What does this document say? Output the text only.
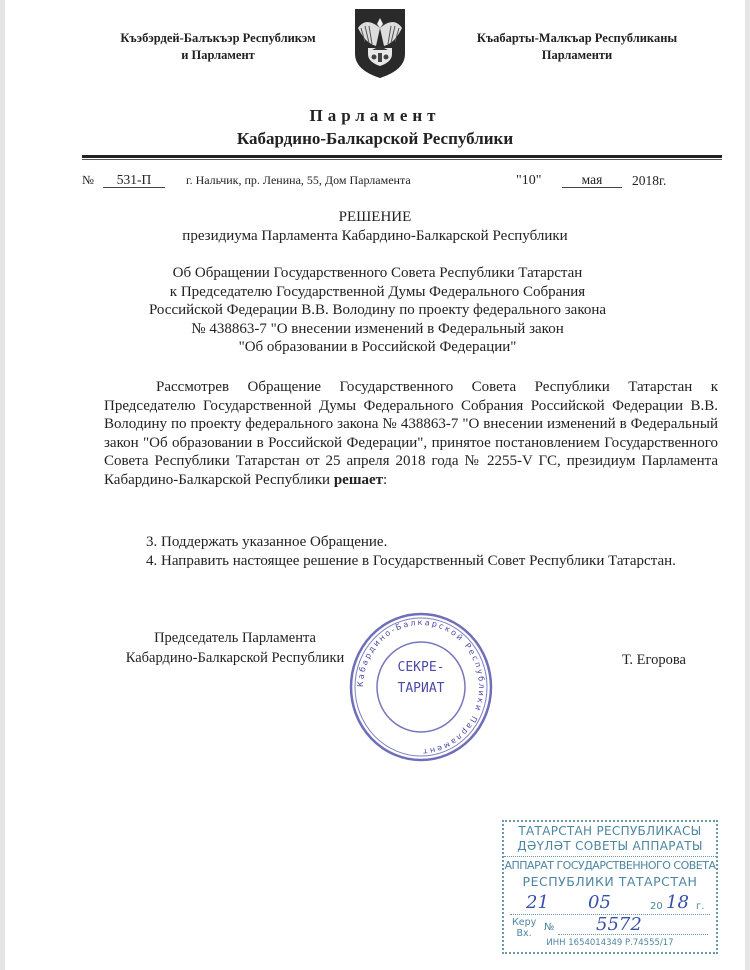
Къэбэрдей-Балъкъэр Республикэм
и Парламент
Къабарты-Малкъар Республиканы
Парламенти
Парламент
Кабардино-Балкарской Республики
№	531-П	г. Нальчик, пр. Ленина, 55, Дом Парламента	"10"	мая	2018г.
РЕШЕНИЕ
президиума Парламента Кабардино-Балкарской Республики
Об Обращении Государственного Совета Республики Татарстан
к Председателю Государственной Думы Федерального Собрания
Российской Федерации В.В. Володину по проекту федерального закона
№ 438863-7 "О внесении изменений в Федеральный закон
"Об образовании в Российской Федерации"
Рассмотрев Обращение Государственного Совета Республики Татарстан к Председателю Государственной Думы Федерального Собрания Российской Федерации В.В. Володину по проекту федерального закона № 438863-7 "О внесении изменений в Федеральный закон "Об образовании в Российской Федерации", принятое постановлением Государственного Совета Республики Татарстан от 25 апреля 2018 года № 2255-V ГС, президиум Парламента Кабардино-Балкарской Республики решает:
3. Поддержать указанное Обращение.
4. Направить настоящее решение в Государственный Совет Республики Татарстан.
Председатель Парламента
Кабардино-Балкарской Республики	Т. Егорова
Кабардино-Балкарской Республики Парламент
СЕКРЕ-
ТАРИАТ
ТАТАРСТАН РЕСПУБЛИКАСЫ
ДӘҮЛӘТ СОВЕТЫ АППАРАТЫ
АППАРАТ ГОСУДАРСТВЕННОГО СОВЕТА
РЕСПУБЛИКИ ТАТАРСТАН
21 05	20 18 г.
Керу
Вх.
№ 5572
ИНН 1654014349 Р.74555/17
